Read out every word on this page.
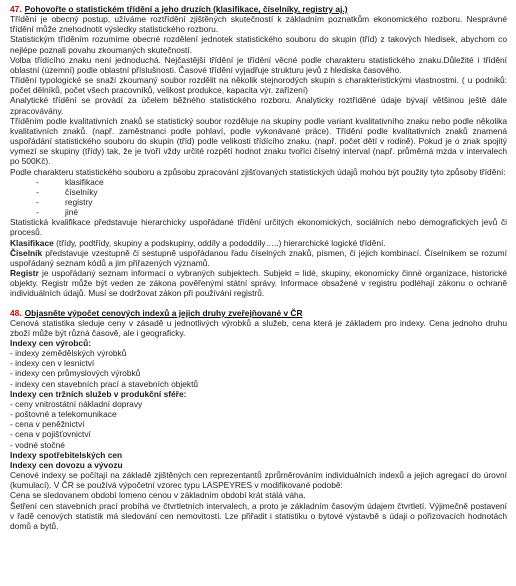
47. Pohovořte o statistickém třídění a jeho druzích (klasifikace, číselníky, registry aj.)

Třídění je obecný postup, užíváme roztřídění zjištěných skutečností k základním poznatkům ekonomického rozboru. Nesprávné třídění může znehodnotit výsledky statistického rozboru.

Statistickým tříděním rozumíme obecné rozdělení jednotek statistického souboru do skupin (tříd) z takových hledisek, abychom co nejlépe poznali povahu zkoumaných skutečností.

Volba třídícího znaku není jednoduchá. Nejčastější třídění je třídění věcné podle charakteru statistického znaku.Důležité i třídění oblastní (územní) podle oblastní příslušnosti. Časové třídění vyjadřuje strukturu jevů z hlediska časového.

Třídění typologické se snaží zkoumaný soubor rozdělit na několik stejnorodých skupin s charakteristickými vlastnostmi. ( u podniků: počet dělníků, počet všech pracovníků, velikost produkce, kapacita výr. zařízení)

Analytické třídění se provádí za účelem běžného statistického rozboru. Analyticky roztříděné údaje bývají většinou ještě dále zpracovávány.

Tříděním podle kvalitativních znaků se statistický soubor rozděluje na skupiny podle variant kvalitativního znaku nebo podle několika kvalitativních znaků. (např. zaměstnanci podle pohlaví, podle vykonávané práce). Třídění podle kvalitativních znaků znamená uspořádání statistického souboru do skupin (tříd) podle velikosti třídícího znaku. (např. počet dětí v rodině). Pokud je o znak spojitý vymezí se skupiny (třídy) tak, že je tvoří vždy určité rozpětí hodnot znaku tvoříci číselný interval (např. průměrná mzda v intervalech po 500Kč).

Podle charakteru statistického souboru a způsobu zpracování zjišťovaných statistických údajů mohou být použity tyto způsoby třídění:

- klasifikace
- číselníky
- registry
- jiné

Statistická kvalifikace představuje hierarchicky uspořádané třídění určitých ekonomických, sociálních nebo demografických jevů či procesů.

Klasifikace (třídy, podtřídy, skupiny a podskupiny, oddíly a pododdíly…..) hierarchické logické třídění.

Číselník představuje vzestupně či sestupně uspořádanou řadu číselných znaků, písmen, či jejich kombinací. Číselníkem se rozumí uspořádaný seznam kódů a jim přiřazených významů.

Registr je uspořádaný seznam informací o vybraných subjektech. Subjekt = lidé, skupiny, ekonomicky činné organizace, historické objekty. Registr může být veden ze zákona pověřenými státní správy. Informace obsažené v registru podléhají zákonu o ochraně individuálních údajů. Musí se dodržovat zákon při používání registrů.

48. Objasněte výpočet cenových indexů a jejich druhy zveřejňované v ČR

Cenová statistika sleduje ceny v zásadě u jednotlivých výrobků a služeb, cena která je základem pro indexy. Cena jednoho druhu zboží může být různá časově, ale i geograficky.

Indexy cen výrobců:
- indexy zemědělských výrobků
- indexy cen v lesnictví
- indexy cen průmyslových výrobků
- indexy cen stavebních prací a stavebních objektů
Indexy cen tržních služeb v produkční sféře:
- ceny vnitrostátní nákladní dopravy
- poštovné a telekomunikace
- cena v peněžnictví
- cena v pojišťovnictví
- vodné stočné
Indexy spotřebitelských cen
Indexy cen dovozu a vývozu

Cenové indexy se počítají na základě zjištěných cen reprezentantů zprůměrováním individuálních indexů a jejich agregací do úrovní (kumulací). V ČR se používá výpočetní vzorec typu LASPEYRES v modifikované podobě:

Cena se sledovanem období lomeno cenou v základním období krát stálá váha.

Šetření cen stavebních prací probíhá ve čtvrtletních intervalech, a proto je základním časovým údajem čtvrtletí. Výjimečně postavení v řadě cenových statistik má sledování cen nemovitostí. Lze přiřadit i statistiku o bytové výstavbě s údaji o pořizovacích hodnotách domů a bytů.
